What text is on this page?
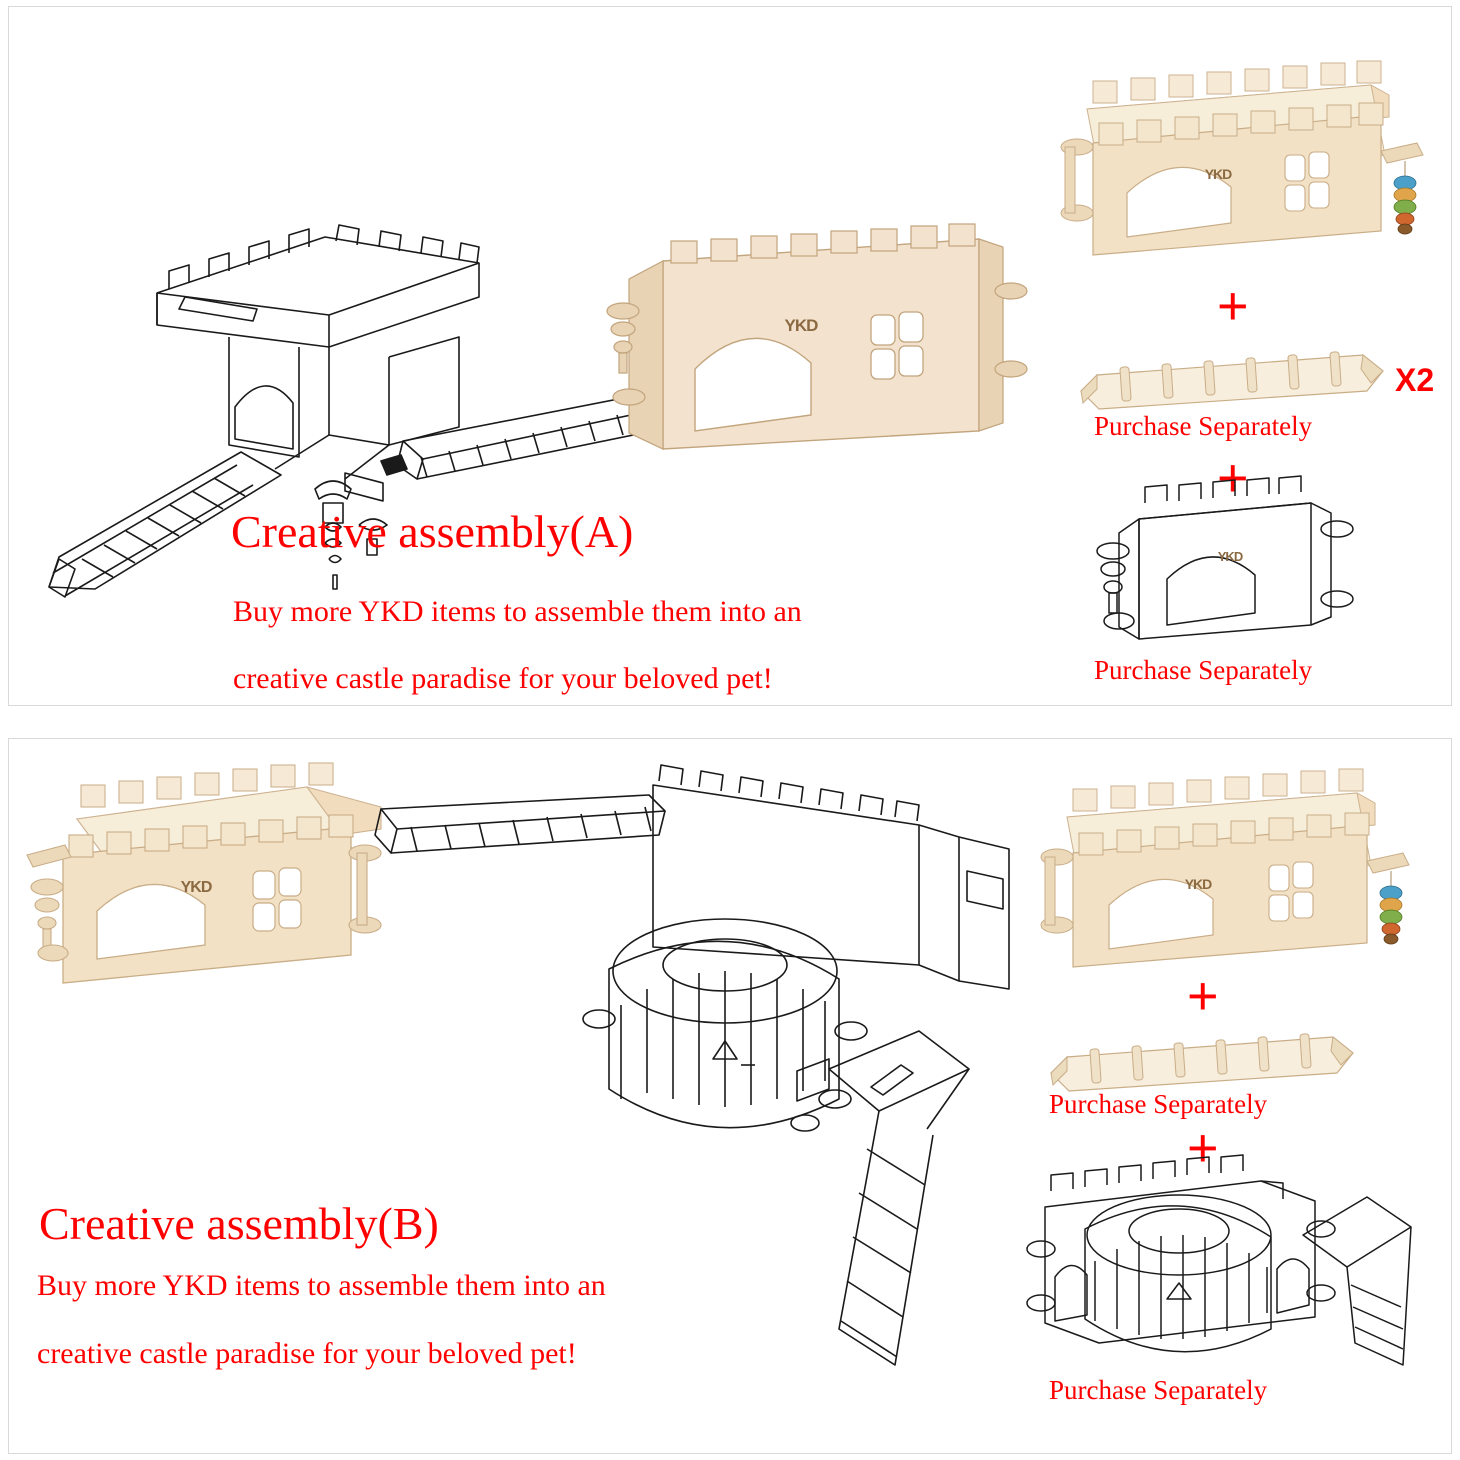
YKD
Creative assembly(A)
Buy more YKD items to assemble them into an
creative castle paradise for your beloved pet!
YKD
+
X2
Purchase Separately
+
YKD
Purchase Separately
YKD
Creative assembly(B)
Buy more YKD items to assemble them into an
creative castle paradise for your beloved pet!
YKD
+
Purchase Separately
+
Purchase Separately
